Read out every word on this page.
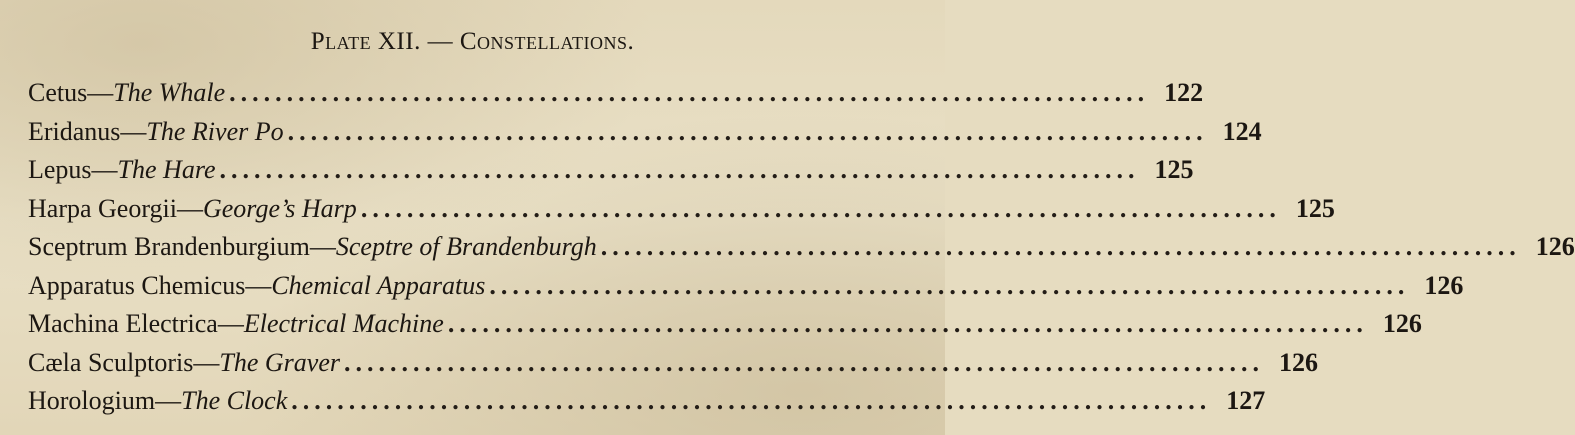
Plate XII. — Constellations.
Cetus — The Whale ................................................................................ 122
Eridanus — The River Po ................................................................................ 124
Lepus — The Hare ................................................................................ 125
Harpa Georgii — George’s Harp ................................................................................ 125
Sceptrum Brandenburgium — Sceptre of Brandenburgh ................................................................................ 126
Apparatus Chemicus — Chemical Apparatus ................................................................................ 126
Machina Electrica — Electrical Machine ................................................................................ 126
Cæla Sculptoris — The Graver ................................................................................ 126
Horologium — The Clock ................................................................................ 127
